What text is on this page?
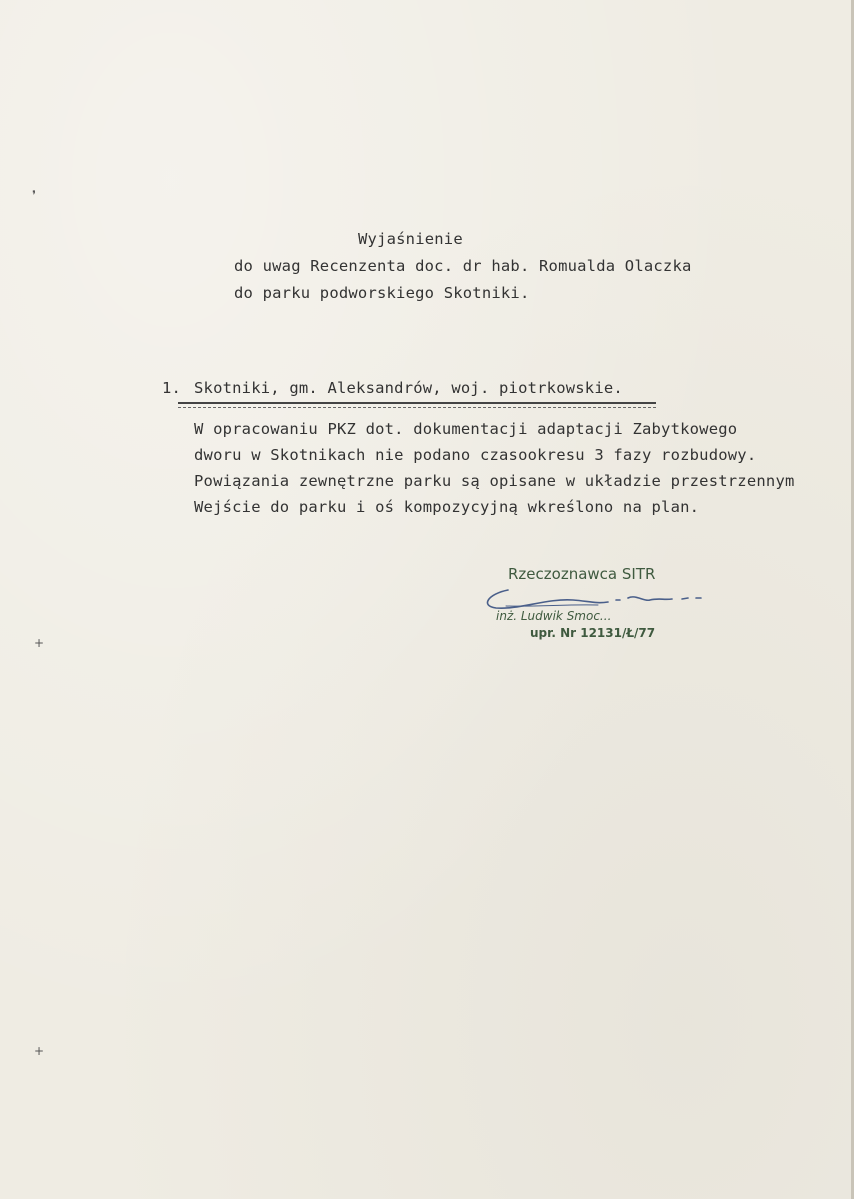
❜
+
+
Wyjaśnienie
do uwag Recenzenta doc. dr hab. Romualda Olaczka
do parku podworskiego Skotniki.
1. Skotniki, gm. Aleksandrów, woj. piotrkowskie.
W opracowaniu PKZ dot. dokumentacji adaptacji Zabytkowego
dworu w Skotnikach nie podano czasookresu 3 fazy rozbudowy.
Powiązania zewnętrzne parku są opisane w układzie przestrzennym
Wejście do parku i oś kompozycyjną wkreślono na plan.
Rzeczoznawca SITR
inż. Ludwik Smoc...
upr. Nr 12131/Ł/77
